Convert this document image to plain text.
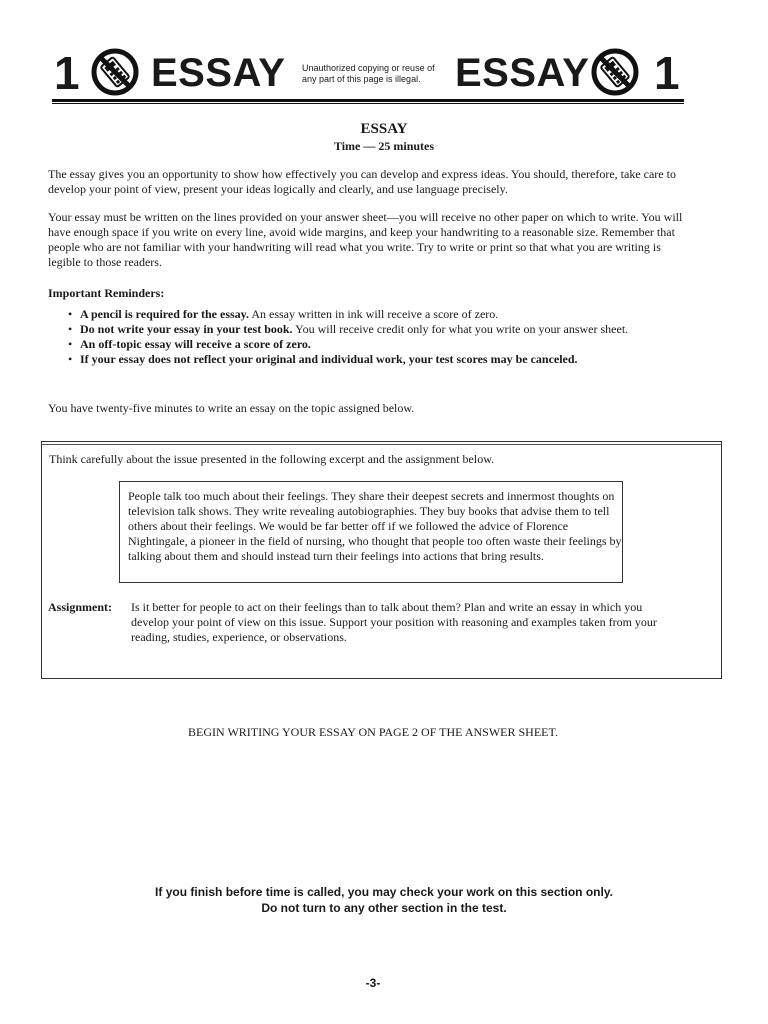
1 ESSAY Unauthorized copying or reuse of any part of this page is illegal. ESSAY 1
ESSAY
Time — 25 minutes

The essay gives you an opportunity to show how effectively you can develop and express ideas. You should, therefore, take care to develop your point of view, present your ideas logically and clearly, and use language precisely.

Your essay must be written on the lines provided on your answer sheet—you will receive no other paper on which to write. You will have enough space if you write on every line, avoid wide margins, and keep your handwriting to a reasonable size. Remember that people who are not familiar with your handwriting will read what you write. Try to write or print so that what you are writing is legible to those readers.

Important Reminders:
• A pencil is required for the essay. An essay written in ink will receive a score of zero.
• Do not write your essay in your test book. You will receive credit only for what you write on your answer sheet.
• An off-topic essay will receive a score of zero.
• If your essay does not reflect your original and individual work, your test scores may be canceled.

You have twenty-five minutes to write an essay on the topic assigned below.

Think carefully about the issue presented in the following excerpt and the assignment below.
People talk too much about their feelings. They share their deepest secrets and innermost thoughts on television talk shows. They write revealing autobiographies. They buy books that advise them to tell others about their feelings. We would be far better off if we followed the advice of Florence Nightingale, a pioneer in the field of nursing, who thought that people too often waste their feelings by talking about them and should instead turn their feelings into actions that bring results.
Assignment: Is it better for people to act on their feelings than to talk about them? Plan and write an essay in which you develop your point of view on this issue. Support your position with reasoning and examples taken from your reading, studies, experience, or observations.
BEGIN WRITING YOUR ESSAY ON PAGE 2 OF THE ANSWER SHEET.
If you finish before time is called, you may check your work on this section only.
Do not turn to any other section in the test.
-3-
